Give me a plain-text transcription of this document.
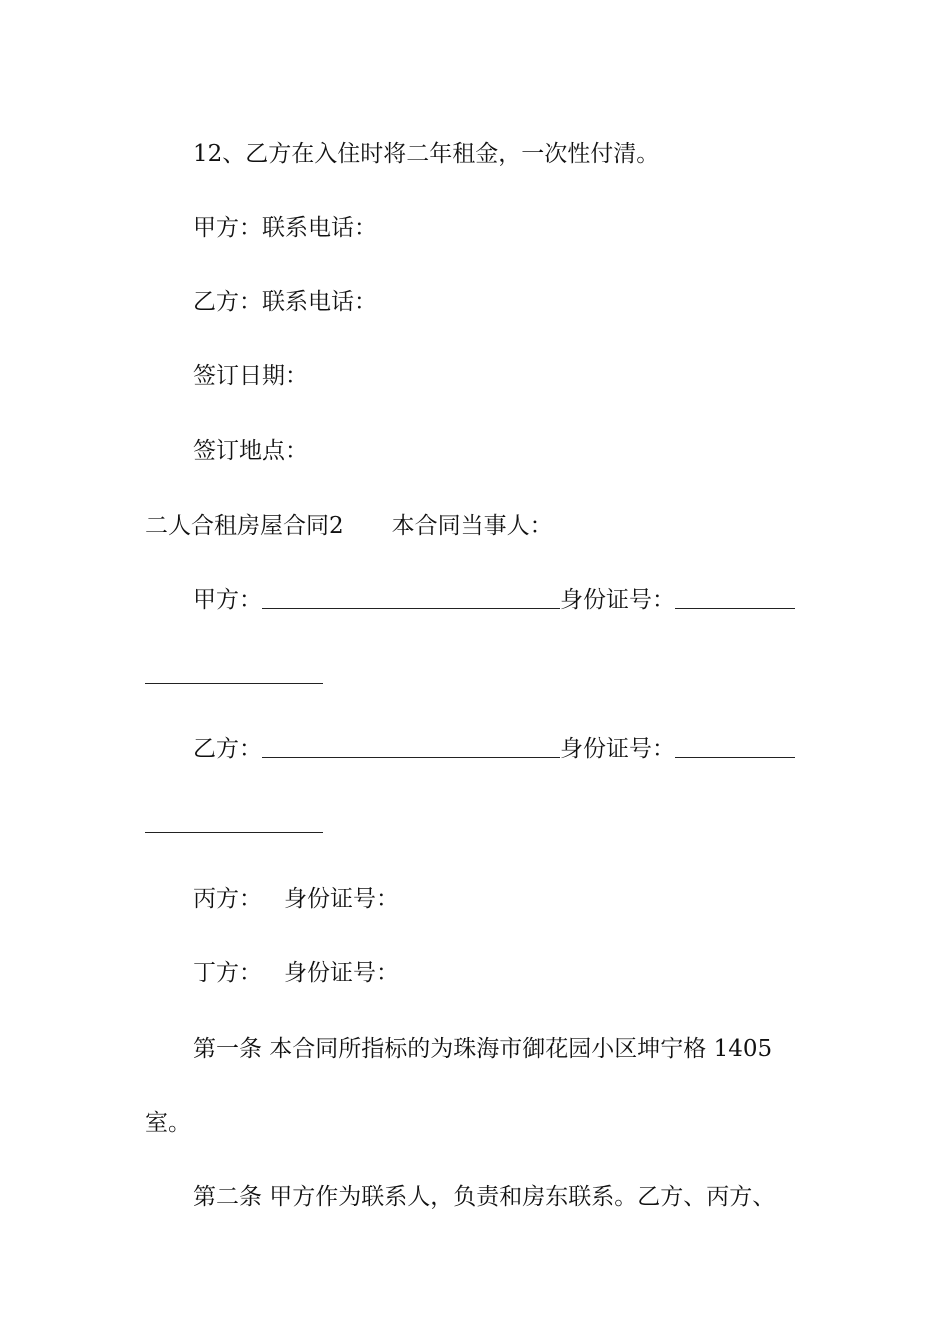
12、乙方在入住时将二年租金，一次性付清。
甲方：联系电话：
乙方：联系电话：
签订日期：
签订地点：
二人合租房屋合同2 本合同当事人：
甲方：	身份证号：
乙方：	身份证号：
丙方： 身份证号：
丁方： 身份证号：
第一条 本合同所指标的为珠海市御花园小区坤宁格 1405
室。
第二条 甲方作为联系人，负责和房东联系。乙方、丙方、
